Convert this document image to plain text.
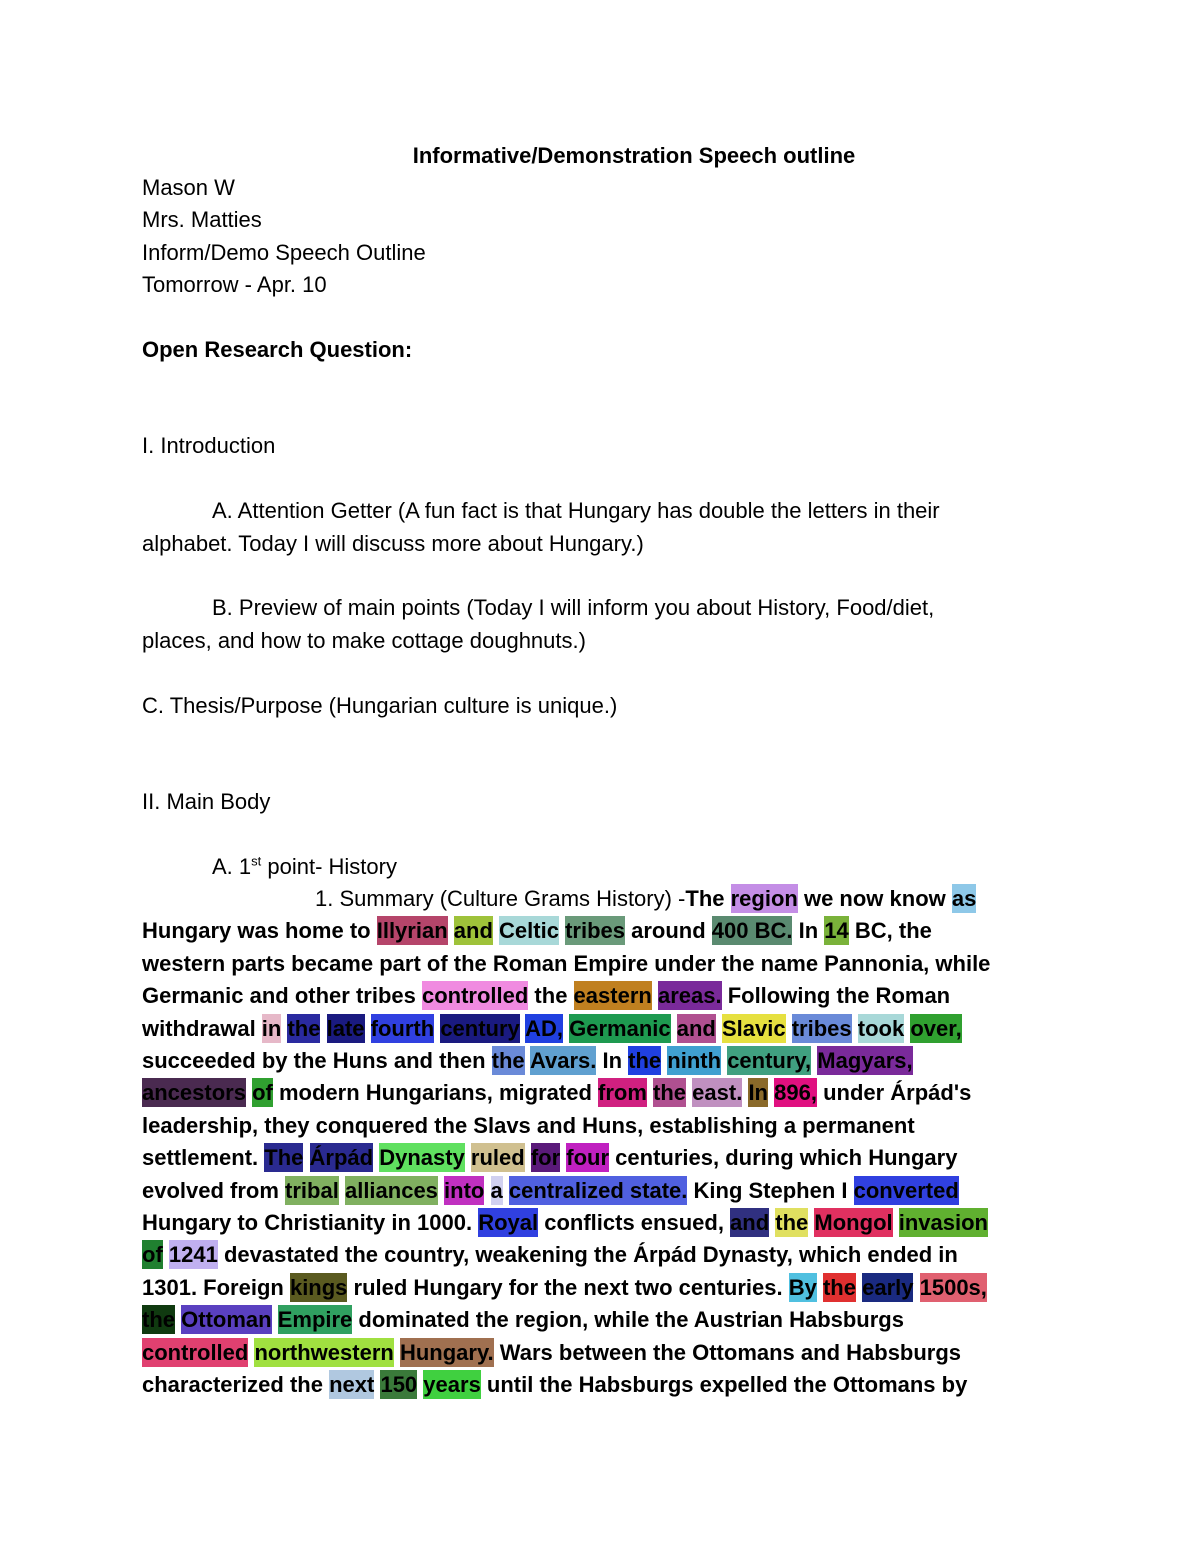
Informative/Demonstration Speech outline
Mason W
Mrs. Matties
Inform/Demo Speech Outline
Tomorrow - Apr. 10
Open Research Question:
I. Introduction
A. Attention Getter (A fun fact is that Hungary has double the letters in their
alphabet. Today I will discuss more about Hungary.)
B. Preview of main points (Today I will inform you about History, Food/diet,
places, and how to make cottage doughnuts.)
C. Thesis/Purpose (Hungarian culture is unique.)
II. Main Body
A. 1st point- History
1. Summary (Culture Grams History) - The region we now know as
Hungary was home to Illyrian and Celtic tribes around 400 BC. In 14 BC, the
western parts became part of the Roman Empire under the name Pannonia, while
Germanic and other tribes controlled the eastern areas. Following the Roman
withdrawal in the late fourth century AD, Germanic and Slavic tribes took over,
succeeded by the Huns and then the Avars. In the ninth century, Magyars,
ancestors of modern Hungarians, migrated from the east. In 896, under Árpád's
leadership, they conquered the Slavs and Huns, establishing a permanent
settlement. The Árpád Dynasty ruled for four centuries, during which Hungary
evolved from tribal alliances into a centralized state. King Stephen I converted
Hungary to Christianity in 1000. Royal conflicts ensued, and the Mongol invasion
of 1241 devastated the country, weakening the Árpád Dynasty, which ended in
1301. Foreign kings ruled Hungary for the next two centuries. By the early 1500s,
the Ottoman Empire dominated the region, while the Austrian Habsburgs
controlled northwestern Hungary. Wars between the Ottomans and Habsburgs
characterized the next 150 years until the Habsburgs expelled the Ottomans by
